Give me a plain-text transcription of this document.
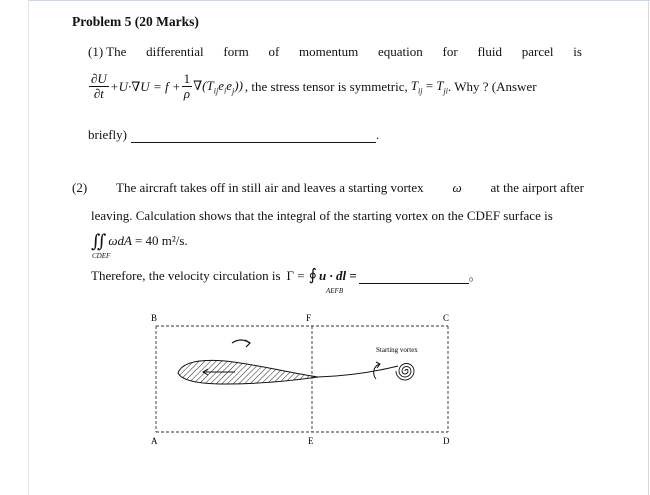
Problem 5 (20 Marks)
(1) The differential form of momentum equation for fluid parcel is
$\frac{\partial U}{\partial t} +U\cdot\nabla U = f + \frac{1}{\rho} \nabla(T_{ij}e_ie_j)$) , the stress tensor is symmetric, $T_{ij} = T_{ji}$ . Why ? (Answer
briefly)	.
(2) The aircraft takes off in still air and leaves a starting vortex ω at the airport after
leaving. Calculation shows that the integral of the starting vortex on the CDEF surface is
∬ ωdA = 40 m²/s.
CDEF
Therefore, the velocity circulation is Γ = ∮ u · dl =	。
AEFB
B	F	C
A	E	D
Starting vortex
